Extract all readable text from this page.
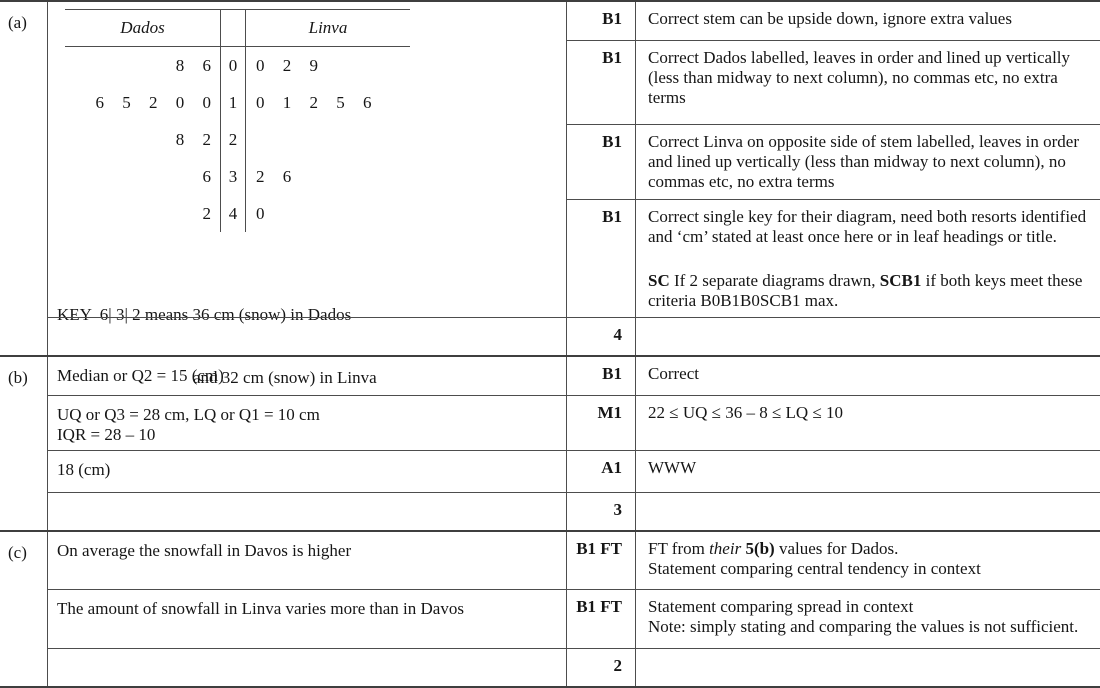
(a)	Dados	Linva
8 6	0	0 2 9
6 5 2 0 0	1	0 1 2 5 6
8 2	2
6	3	2 6
2	4	0

KEY  6| 3| 2 means 36 cm (snow) in Dados

and 32 cm (snow) in Linva

B1	Correct stem can be upside down, ignore extra values
B1	Correct Dados labelled, leaves in order and lined up vertically (less than midway to next column), no commas etc, no extra terms
B1	Correct Linva on opposite side of stem labelled, leaves in order and lined up vertically (less than midway to next column), no commas etc, no extra terms
B1	Correct single key for their diagram, need both resorts identified and ‘cm’ stated at least once here or in leaf headings or title.
SC If 2 separate diagrams drawn, SCB1 if both keys meet these criteria B0B1B0SCB1 max.
4
(b)	Median or Q2 = 15 (cm)	B1	Correct
UQ or Q3 = 28 cm, LQ or Q1 = 10 cm
IQR = 28 – 10
M1	22 ≤ UQ ≤ 36 – 8 ≤ LQ ≤ 10
18 (cm)	A1	WWW
3
(c)	On average the snowfall in Davos is higher	B1 FT	FT from their 5(b) values for Dados.
Statement comparing central tendency in context
The amount of snowfall in Linva varies more than in Davos	B1 FT	Statement comparing spread in context
Note: simply stating and comparing the values is not sufficient.
2
